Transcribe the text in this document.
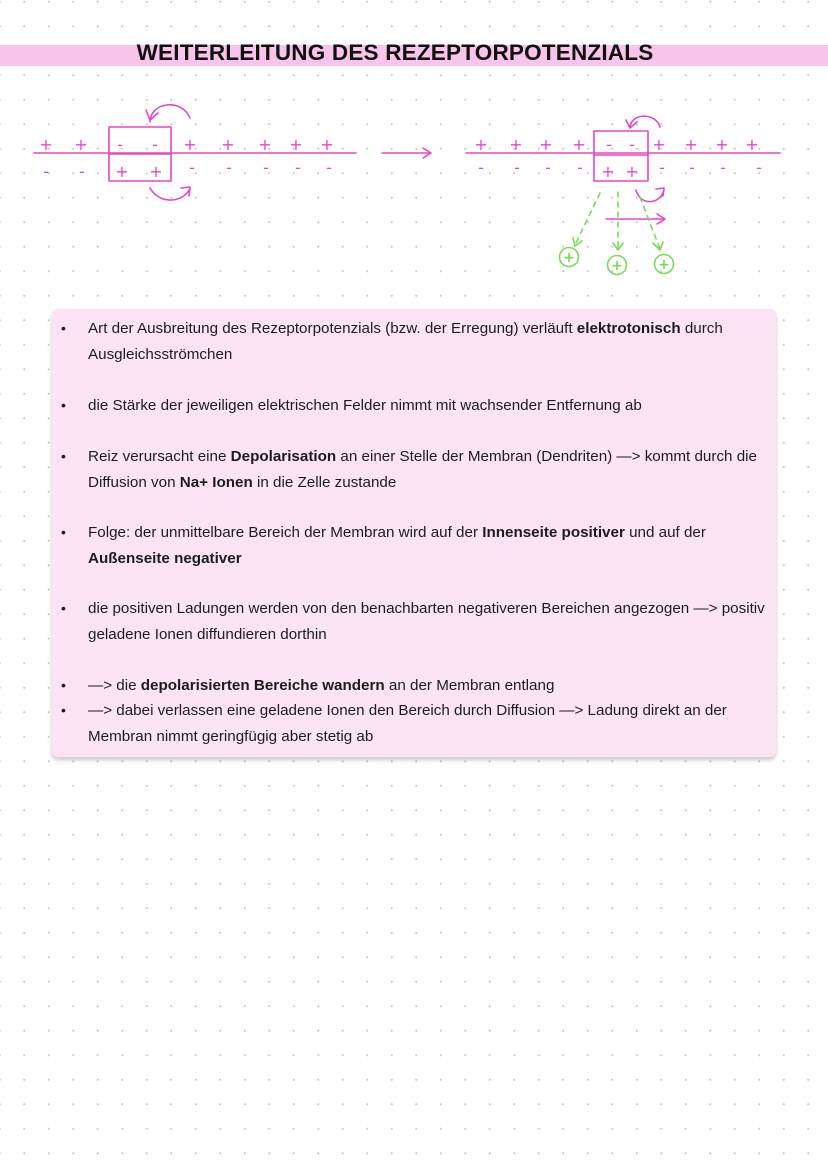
WEITERLEITUNG DES REZEPTORPOTENZIALS
+ + - - + + + + +
- - + + - - - - -
+ + + + - - + + + +
- - - - + + - - - -
+	+	+
• Art der Ausbreitung des Rezeptorpotenzials (bzw. der Erregung) verläuft elektrotonisch durch Ausgleichsströmchen
• die Stärke der jeweiligen elektrischen Felder nimmt mit wachsender Entfernung ab
• Reiz verursacht eine Depolarisation an einer Stelle der Membran (Dendriten) —> kommt durch die Diffusion von Na+ Ionen in die Zelle zustande
• Folge: der unmittelbare Bereich der Membran wird auf der Innenseite positiver und auf der Außenseite negativer
• die positiven Ladungen werden von den benachbarten negativeren Bereichen angezogen —> positiv geladene Ionen diffundieren dorthin
• —> die depolarisierten Bereiche wandern an der Membran entlang
• —> dabei verlassen eine geladene Ionen den Bereich durch Diffusion —> Ladung direkt an der Membran nimmt geringfügig aber stetig ab
